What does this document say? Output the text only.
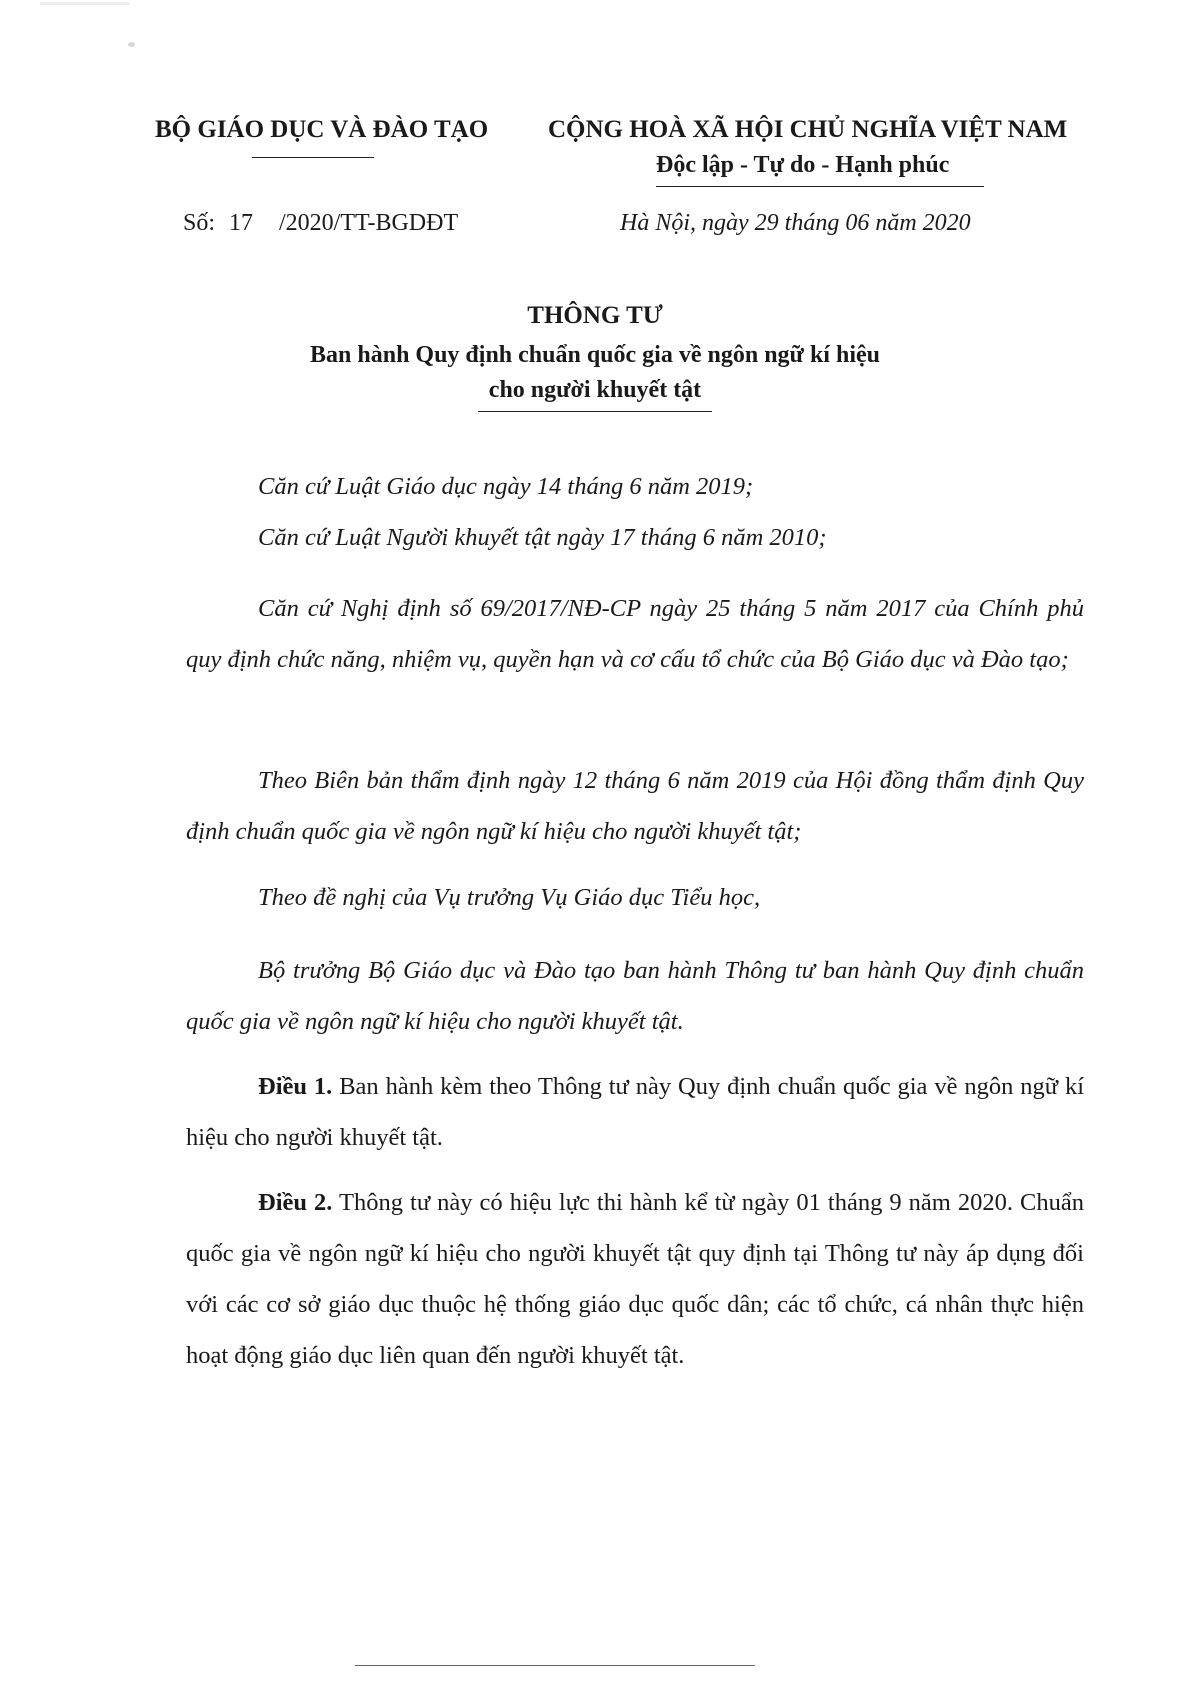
BỘ GIÁO DỤC VÀ ĐÀO TẠO CỘNG HOÀ XÃ HỘI CHỦ NGHĨA VIỆT NAM
Độc lập - Tự do - Hạnh phúc
Số: 17 /2020/TT-BGDĐT	Hà Nội, ngày 29 tháng 06 năm 2020
THÔNG TƯ
Ban hành Quy định chuẩn quốc gia về ngôn ngữ kí hiệu
cho người khuyết tật

Căn cứ Luật Giáo dục ngày 14 tháng 6 năm 2019;

Căn cứ Luật Người khuyết tật ngày 17 tháng 6 năm 2010;

Căn cứ Nghị định số 69/2017/NĐ-CP ngày 25 tháng 5 năm 2017 của Chính phủ quy định chức năng, nhiệm vụ, quyền hạn và cơ cấu tổ chức của Bộ Giáo dục và Đào tạo;

Theo Biên bản thẩm định ngày 12 tháng 6 năm 2019 của Hội đồng thẩm định Quy định chuẩn quốc gia về ngôn ngữ kí hiệu cho người khuyết tật;

Theo đề nghị của Vụ trưởng Vụ Giáo dục Tiểu học,

Bộ trưởng Bộ Giáo dục và Đào tạo ban hành Thông tư ban hành Quy định chuẩn quốc gia về ngôn ngữ kí hiệu cho người khuyết tật.

Điều 1. Ban hành kèm theo Thông tư này Quy định chuẩn quốc gia về ngôn ngữ kí hiệu cho người khuyết tật.

Điều 2. Thông tư này có hiệu lực thi hành kể từ ngày 01 tháng 9 năm 2020. Chuẩn quốc gia về ngôn ngữ kí hiệu cho người khuyết tật quy định tại Thông tư này áp dụng đối với các cơ sở giáo dục thuộc hệ thống giáo dục quốc dân; các tổ chức, cá nhân thực hiện hoạt động giáo dục liên quan đến người khuyết tật.
